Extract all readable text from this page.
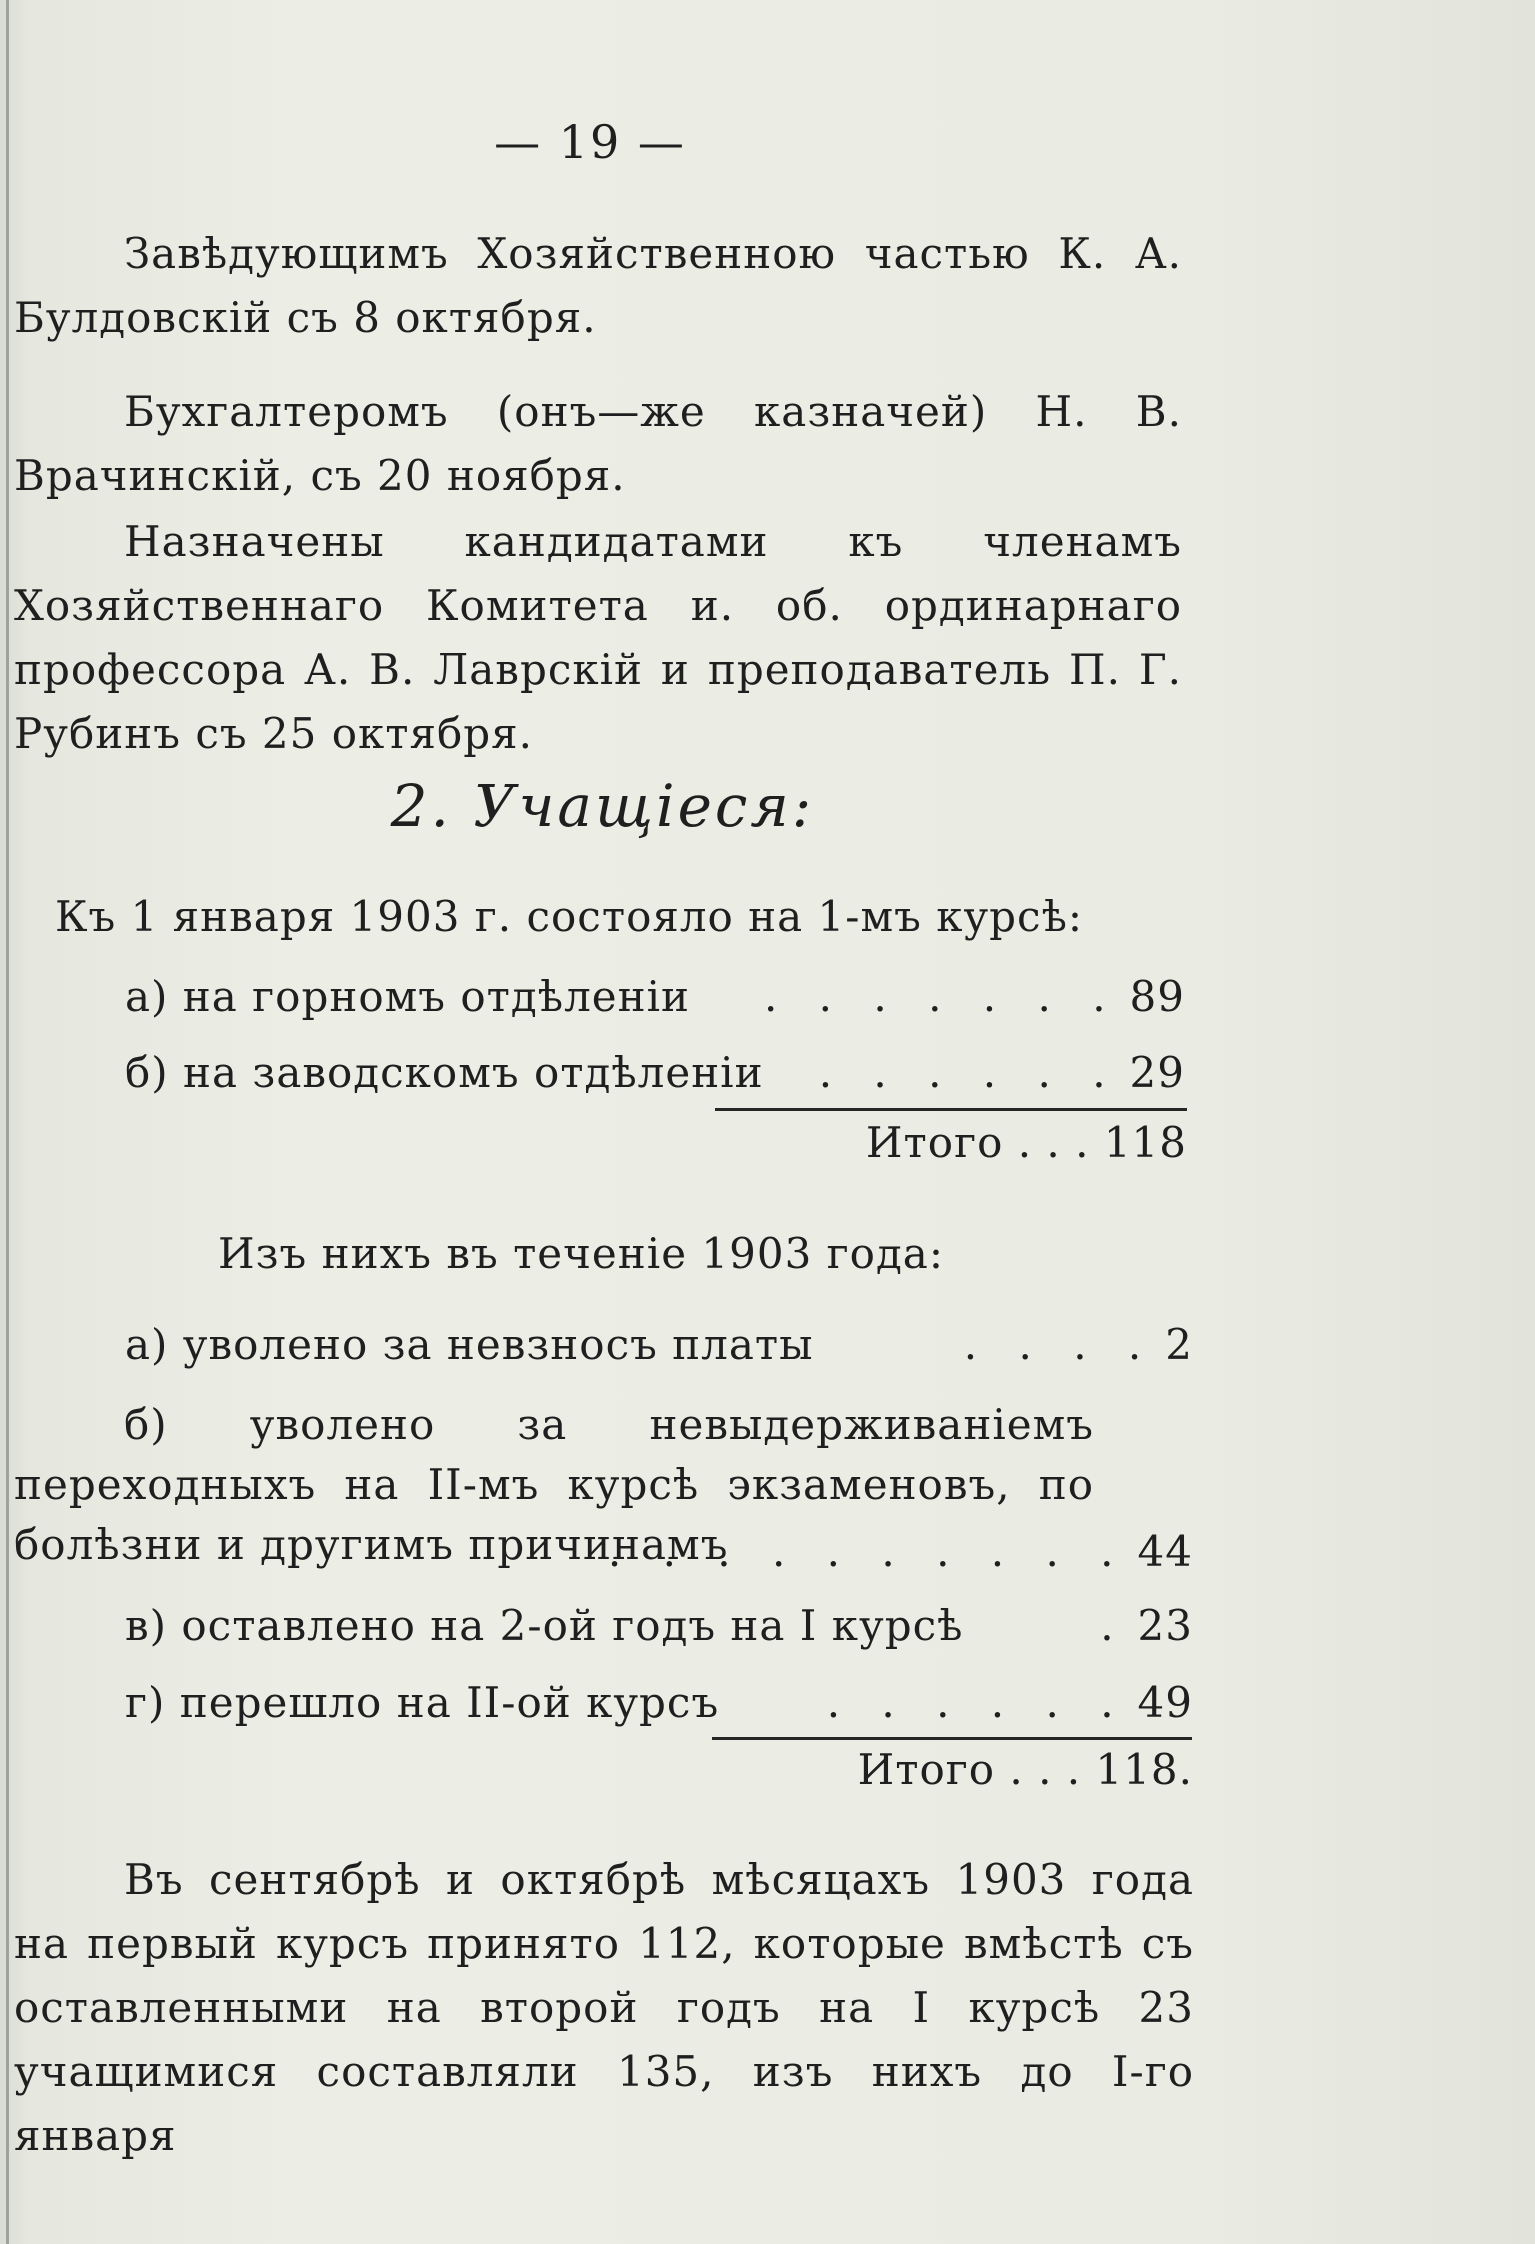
— 19 —
Завѣдующимъ Хозяйственною частью К. А. Булдовскій съ 8 октября.
Бухгалтеромъ (онъ—же казначей) Н. В. Врачинскій, съ 20 ноября.
Назначены кандидатами къ членамъ Хозяйственнаго Комитета и. об. ординарнаго профессора А. В. Лаврскій и преподаватель П. Г. Рубинъ съ 25 октября.
2. Учащіеся:
Къ 1 января 1903 г. состояло на 1-мъ курсѣ:
а) на горномъ отдѣленіи	. . . . . . . 89
б) на заводскомъ отдѣленіи	. . . . . . 29
Итого . . . 118
Изъ нихъ въ теченіе 1903 года:
а) уволено за невзносъ платы	. . . . 2
б) уволено за невыдерживаніемъ переходныхъ на II-мъ курсѣ экзаменовъ, по болѣзни и другимъ причинамъ
. . . . . . . . . . 44
в) оставлено на 2-ой годъ на I курсѣ	. 23
г) перешло на II-ой курсъ	. . . . . . 49
Итого . . . 118.
Въ сентябрѣ и октябрѣ мѣсяцахъ 1903 года на первый курсъ принято 112, которые вмѣстѣ съ оставленными на второй годъ на I курсѣ 23 учащимися составляли 135, изъ нихъ до I-го января
